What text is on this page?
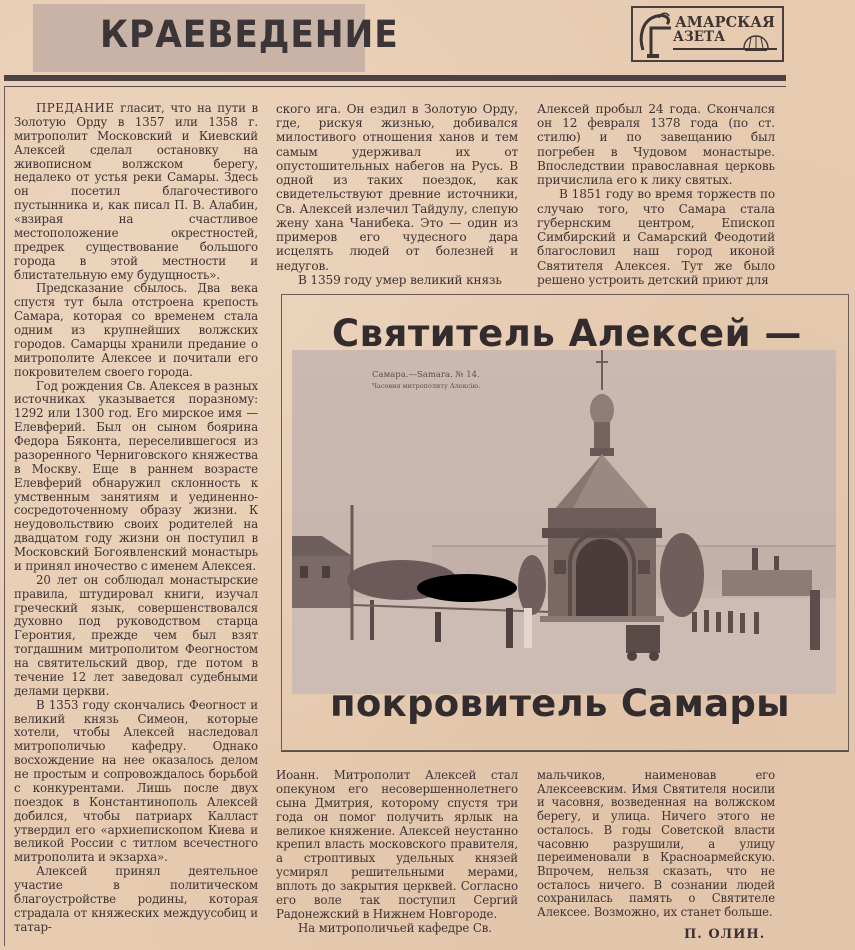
КРАЕВЕДЕНИЕ	АМАРСКАЯ
АЗЕТА

ПРЕДАНИЕ гласит, что на пути в Золотую Орду в 1357 или 1358 г. митрополит Московский и Киевский Алексей сделал остановку на живописном волжском берегу, недалеко от устья реки Самары. Здесь он посетил благочестивого пустынника и, как писал П. В. Алабин, «взирая на счастливое местоположение окрестностей, предрек существование большого города в этой местности и блистательную ему будущность».

Предсказание сбылось. Два века спустя тут была отстроена крепость Самара, которая со временем стала одним из крупнейших волжских городов. Самарцы хранили предание о митрополите Алексее и почитали его покровителем своего города.

Год рождения Св. Алексея в разных источниках указывается поразному: 1292 или 1300 год. Его мирское имя — Елевферий. Был он сыном боярина Федора Бяконта, переселившегося из разоренного Черниговского княжества в Москву. Еще в раннем возрасте Елевферий обнаружил склонность к умственным занятиям и уединенно-сосредоточенному образу жизни. К неудовольствию своих родителей на двадцатом году жизни он поступил в Московский Богоявленский монастырь и принял иночество с именем Алексея.

20 лет он соблюдал монастырские правила, штудировал книги, изучал греческий язык, совершенствовался духовно под руководством старца Геронтия, прежде чем был взят тогдашним митрополитом Феогностом на святительский двор, где потом в течение 12 лет заведовал судебными делами церкви.

В 1353 году скончались Феогност и великий князь Симеон, которые хотели, чтобы Алексей наследовал митрополичью кафедру. Однако восхождение на нее оказалось делом не простым и сопровождалось борьбой с конкурентами. Лишь после двух поездок в Константинополь Алексей добился, чтобы патриарх Калласт утвердил его «архиепископом Киева и великой России с титлом всечестного митрополита и экзарха».

Алексей принял деятельное участие в политическом благоустройстве родины, которая страдала от княжеских междуусобиц и татар-

ского ига. Он ездил в Золотую Орду, где, рискуя жизнью, добивался милостивого отношения ханов и тем самым удерживал их от опустошительных набегов на Русь. В одной из таких поездок, как свидетельствуют древние источники, Св. Алексей излечил Тайдулу, слепую жену хана Чанибека. Это — один из примеров его чудесного дара исцелять людей от болезней и недугов.

В 1359 году умер великий князь

Алексей пробыл 24 года. Скончался он 12 февраля 1378 года (по ст. стилю) и по завещанию был погребен в Чудовом монастыре. Впоследствии православная церковь причислила его к лику святых.

В 1851 году во время торжеств по случаю того, что Самара стала губернским центром, Епископ Симбирский и Самарский Феодотий благословил наш город иконой Святителя Алексея. Тут же было решено устроить детский приют для

Самара.—Samara. № 14.
Часовня митрополиту Алексiю.
Святитель Алексей —
покровитель Самары

Иоанн. Митрополит Алексей стал опекуном его несовершеннолетнего сына Дмитрия, которому спустя три года он помог получить ярлык на великое княжение. Алексей неустанно крепил власть московского правителя, а строптивых удельных князей усмирял решительными мерами, вплоть до закрытия церквей. Согласно его воле так поступил Сергий Радонежский в Нижнем Новгороде.

На митрополичьей кафедре Св.

мальчиков, наименовав его Алексеевским. Имя Святителя носили и часовня, возведенная на волжском берегу, и улица. Ничего этого не осталось. В годы Советской власти часовню разрушили, а улицу переименовали в Красноармейскую. Впрочем, нельзя сказать, что не осталось ничего. В сознании людей сохранилась память о Святителе Алексее. Возможно, их станет больше.

П. ОЛИН.
